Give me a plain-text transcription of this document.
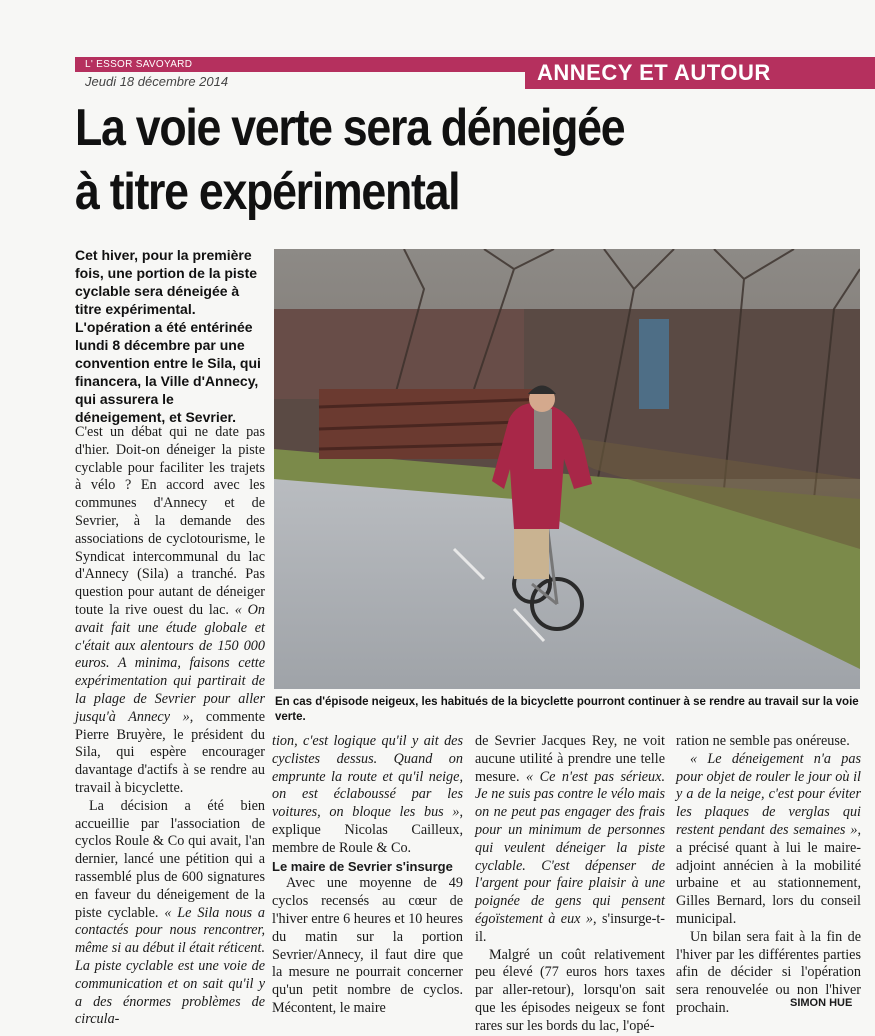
L' ESSOR SAVOYARD
Jeudi 18 décembre 2014	ANNECY ET AUTOUR
La voie verte sera déneigée
à titre expérimental
Cet hiver, pour la première fois, une portion de la piste cyclable sera déneigée à titre expérimental. L'opération a été entérinée lundi 8 décembre par une convention entre le Sila, qui financera, la Ville d'Annecy, qui assurera le déneigement, et Sevrier.
En cas d'épisode neigeux, les habitués de la bicyclette pourront continuer à se rendre au travail sur la voie verte.

C'est un débat qui ne date pas d'hier. Doit-on déneiger la piste cyclable pour faciliter les trajets à vélo ? En accord avec les communes d'Annecy et de Sevrier, à la demande des associations de cyclotourisme, le Syndicat intercommunal du lac d'Annecy (Sila) a tranché. Pas question pour autant de déneiger toute la rive ouest du lac. « On avait fait une étude globale et c'était aux alentours de 150 000 euros. A minima, faisons cette expérimentation qui partirait de la plage de Sevrier pour aller jusqu'à Annecy », commente Pierre Bruyère, le président du Sila, qui espère encourager davantage d'actifs à se rendre au travail à bicyclette.

La décision a été bien accueillie par l'association de cyclos Roule & Co qui avait, l'an dernier, lancé une pétition qui a rassemblé plus de 600 signatures en faveur du déneigement de la piste cyclable. « Le Sila nous a contactés pour nous rencontrer, même si au début il était réticent. La piste cyclable est une voie de communication et on sait qu'il y a des énormes problèmes de circula-

tion, c'est logique qu'il y ait des cyclistes dessus. Quand on emprunte la route et qu'il neige, on est éclaboussé par les voitures, on bloque les bus », explique Nicolas Cailleux, membre de Roule & Co.

Le maire de Sevrier s'insurge

Avec une moyenne de 49 cyclos recensés au cœur de l'hiver entre 6 heures et 10 heures du matin sur la portion Sevrier/Annecy, il faut dire que la mesure ne pourrait concerner qu'un petit nombre de cyclos. Mécontent, le maire

de Sevrier Jacques Rey, ne voit aucune utilité à prendre une telle mesure. « Ce n'est pas sérieux. Je ne suis pas contre le vélo mais on ne peut pas engager des frais pour un minimum de personnes qui veulent déneiger la piste cyclable. C'est dépenser de l'argent pour faire plaisir à une poignée de gens qui pensent égoïstement à eux », s'insurge-t-il.

Malgré un coût relativement peu élevé (77 euros hors taxes par aller-retour), lorsqu'on sait que les épisodes neigeux se font rares sur les bords du lac, l'opé-

ration ne semble pas onéreuse.

« Le déneigement n'a pas pour objet de rouler le jour où il y a de la neige, c'est pour éviter les plaques de verglas qui restent pendant des semaines », a précisé quant à lui le maire-adjoint annécien à la mobilité urbaine et au stationnement, Gilles Bernard, lors du conseil municipal.

Un bilan sera fait à la fin de l'hiver par les différentes parties afin de décider si l'opération sera renouvelée ou non l'hiver prochain.	SIMON HUE
